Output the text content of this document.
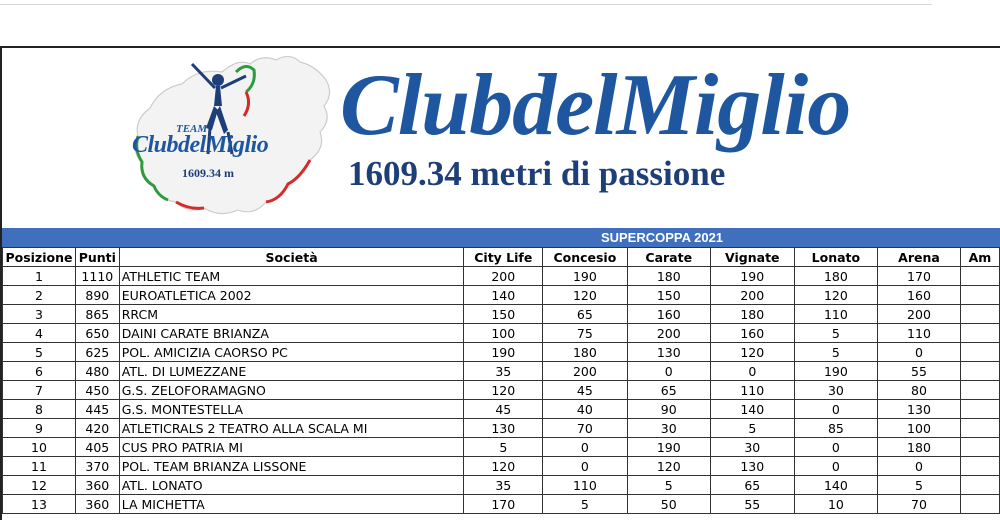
TEAM
ClubdelMiglio
1609.34 m
ClubdelMiglio
1609.34 metri di passione
SUPERCOPPA 2021
Posizione	Punti	Società	City Life	Concesio	Carate	Vignate	Lonato	Arena	Am
1	1110	ATHLETIC TEAM	200	190	180	190	180	170	
2	890	EUROATLETICA 2002	140	120	150	200	120	160	
3	865	RRCM	150	65	160	180	110	200	
4	650	DAINI CARATE BRIANZA	100	75	200	160	5	110	
5	625	POL. AMICIZIA CAORSO PC	190	180	130	120	5	0	
6	480	ATL. DI LUMEZZANE	35	200	0	0	190	55	
7	450	G.S. ZELOFORAMAGNO	120	45	65	110	30	80	
8	445	G.S. MONTESTELLA	45	40	90	140	0	130	
9	420	ATLETICRALS 2 TEATRO ALLA SCALA MI	130	70	30	5	85	100	
10	405	CUS PRO PATRIA MI	5	0	190	30	0	180	
11	370	POL. TEAM BRIANZA LISSONE	120	0	120	130	0	0	
12	360	ATL. LONATO	35	110	5	65	140	5	
13	360	LA MICHETTA	170	5	50	55	10	70	
